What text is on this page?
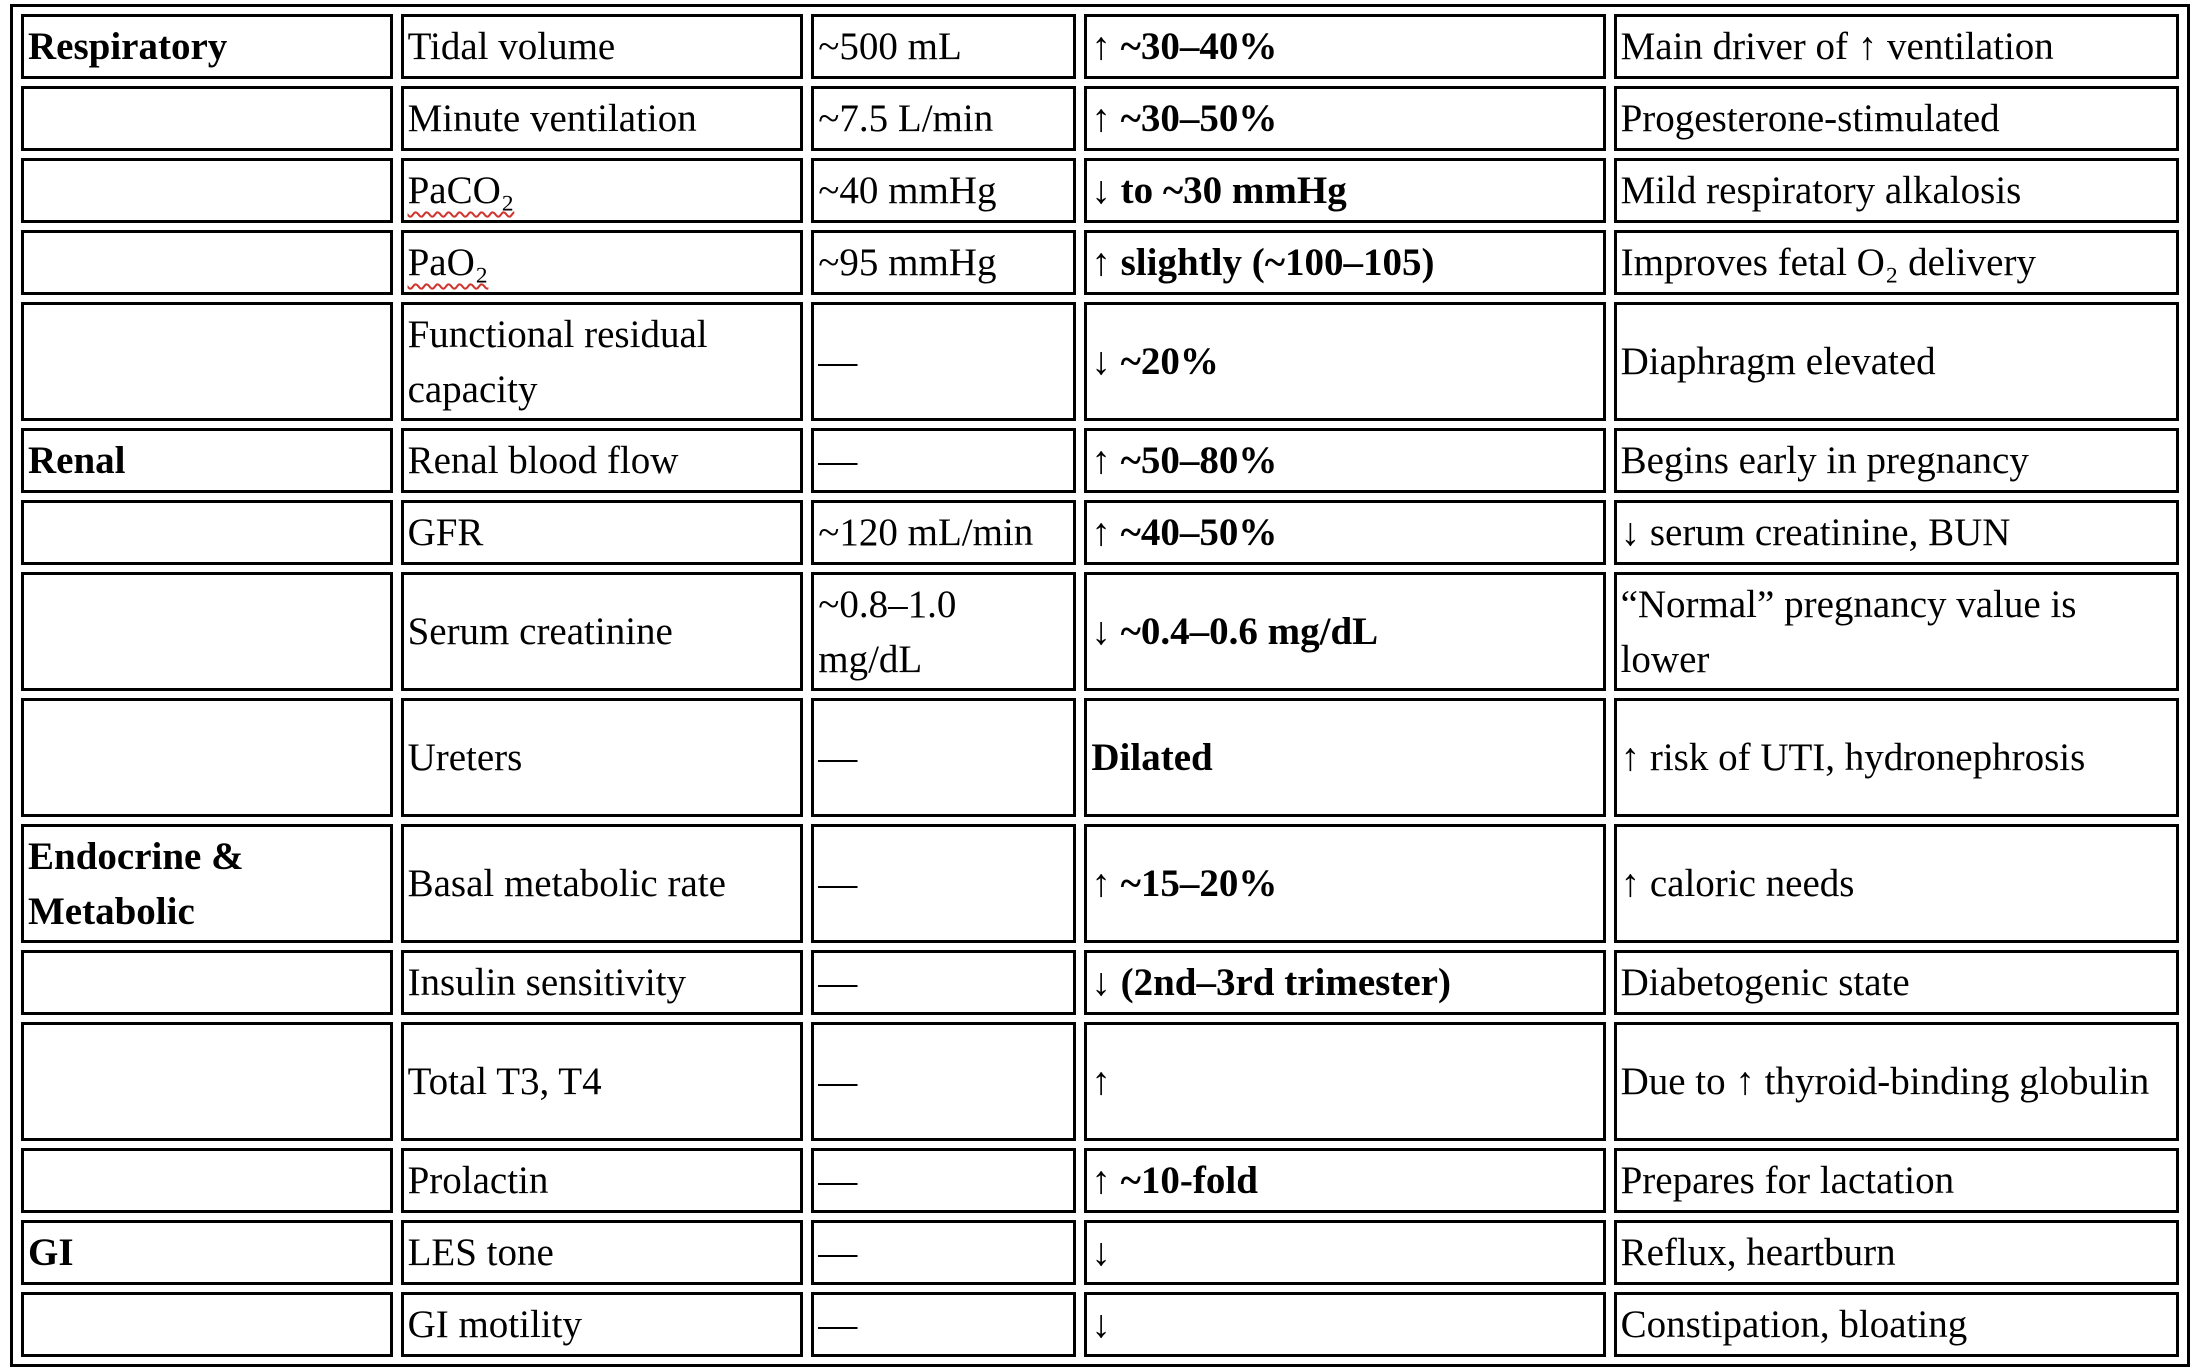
Respiratory	Tidal volume	~500 mL	↑ ~30–40%	Main driver of ↑ ventilation
	Minute ventilation	~7.5 L/min	↑ ~30–50%	Progesterone-stimulated
	PaCO₂	~40 mmHg	↓ to ~30 mmHg	Mild respiratory alkalosis
	PaO₂	~95 mmHg	↑ slightly (~100–105)	Improves fetal O₂ delivery
	Functional residual capacity	—	↓ ~20%	Diaphragm elevated
Renal	Renal blood flow	—	↑ ~50–80%	Begins early in pregnancy
	GFR	~120 mL/min	↑ ~40–50%	↓ serum creatinine, BUN
	Serum creatinine	~0.8–1.0 mg/dL	↓ ~0.4–0.6 mg/dL	“Normal” pregnancy value is lower
	Ureters	—	Dilated	↑ risk of UTI, hydronephrosis
Endocrine & Metabolic	Basal metabolic rate	—	↑ ~15–20%	↑ caloric needs
	Insulin sensitivity	—	↓ (2nd–3rd trimester)	Diabetogenic state
	Total T3, T4	—	↑	Due to ↑ thyroid-binding globulin
	Prolactin	—	↑ ~10-fold	Prepares for lactation
GI	LES tone	—	↓	Reflux, heartburn
	GI motility	—	↓	Constipation, bloating
